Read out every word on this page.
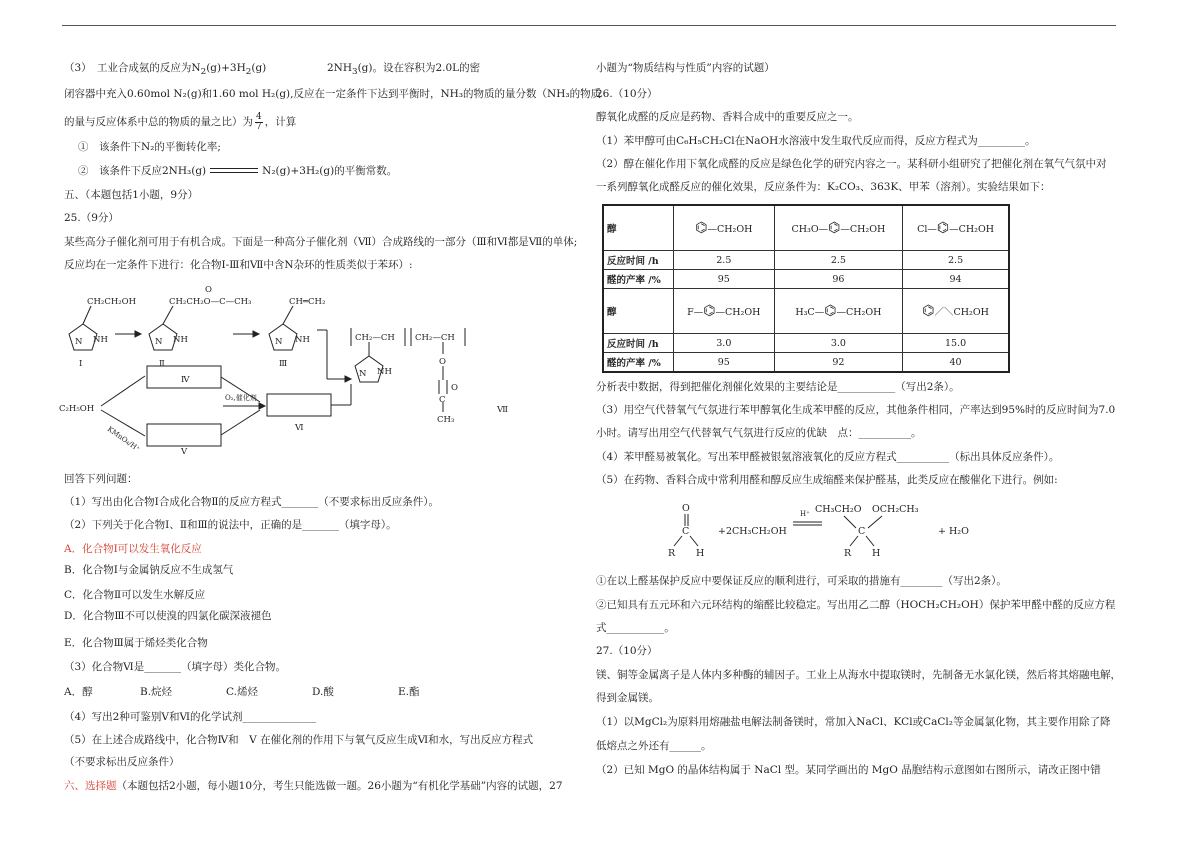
（3）　工业合成氨的反应为$N_2(g)+3H_2(g)$	$2NH_3(g)$。设在容积为2.0L的密
闭容器中充入0.60mol N₂(g)和1.60 mol H₂(g),反应在一定条件下达到平衡时，NH₃的物质的量分数（NH₃的物质
的量与反应体系中总的物质的量之比）为 $\frac{4}{7}$ ，计算
①　该条件下N₂的平衡转化率;
②　该条件下反应2NH₃(g)	N₂(g)+3H₂(g)的平衡常数。
五、（本题包括1小题，9分）
25.（9分）
某些高分子催化剂可用于有机合成。下面是一种高分子催化剂（Ⅶ）合成路线的一部分（Ⅲ和Ⅵ都是Ⅶ的单体;
反应均在一定条件下进行：化合物Ⅰ-Ⅲ和Ⅶ中含N杂环的性质类似于苯环）:
CH₂CH₂OH
N NH
Ⅰ
O
CH₂CH₂O—C—CH₃
N NH
Ⅱ
CH═CH₂
N NH
Ⅲ
CH₂—CH CH₂—CH
N NH
O
C
O
CH₃
Ⅶ
C₂H₅OH
KMnO₄/H⁺
O₂,催化剂
Ⅳ
Ⅴ
Ⅵ
回答下列问题：
（1）写出由化合物Ⅰ合成化合物Ⅱ的反应方程式_______（不要求标出反应条件）。
（2）下列关于化合物Ⅰ、Ⅱ和Ⅲ的说法中，正确的是_______（填字母）。
A．化合物Ⅰ可以发生氧化反应
B．化合物Ⅰ与金属钠反应不生成氢气
C．化合物Ⅱ可以发生水解反应
D．化合物Ⅲ不可以使溴的四氯化碳深液褪色
E．化合物Ⅲ属于烯烃类化合物
（3）化合物Ⅵ是_______（填字母）类化合物。
A．醇	B.烷烃	C.烯烃	D.酸	E.酯
（4）写出2种可鉴别Ⅴ和Ⅵ的化学试剂______________
（5）在上述合成路线中，化合物Ⅳ和　Ⅴ 在催化剂的作用下与氧气反应生成Ⅵ和水，写出反应方程式
（不要求标出反应条件）
六、选择题（本题包括2小题，每小题10分，考生只能选做一题。26小题为“有机化学基础”内容的试题，27
小题为“物质结构与性质”内容的试题）
26.（10分）
醇氧化成醛的反应是药物、香料合成中的重要反应之一。
（1）苯甲醇可由C₆H₅CH₂Cl在NaOH水溶液中发生取代反应而得，反应方程式为_________。
（2）醇在催化作用下氧化成醛的反应是绿色化学的研究内容之一。某科研小组研究了把催化剂在氧气气氛中对
一系列醇氧化成醛反应的催化效果，反应条件为：K₂CO₃、363K、甲苯（溶剂）。实验结果如下：
醇	⌬—CH₂OH	CH₃O—⌬—CH₂OH	Cl—⌬—CH₂OH
反应时间 /h	2.5	2.5	2.5
醛的产率 /%	95	96	94
醇	F—⌬—CH₂OH	H₃C—⌬—CH₂OH	⌬／＼CH₂OH
反应时间 /h	3.0	3.0	15.0
醛的产率 /%	95	92	40
分析表中数据，得到把催化剂催化效果的主要结论是___________（写出2条）。
（3）用空气代替氧气气氛进行苯甲醇氧化生成苯甲醛的反应，其他条件相同，产率达到95%时的反应时间为7.0
小时。请写出用空气代替氧气气氛进行反应的优缺　点：__________。
（4）苯甲醛易被氧化。写出苯甲醛被银氨溶液氧化的反应方程式__________（标出具体反应条件）。
（5）在药物、香料合成中常利用醛和醇反应生成缩醛来保护醛基，此类反应在酸催化下进行。例如:
O
C
R H
+2CH₃CH₂OH
H⁺ CH₃CH₂O OCH₂CH₃
C
R H
+ H₂O
①在以上醛基保护反应中要保证反应的顺利进行，可采取的措施有________（写出2条）。
②已知具有五元环和六元环结构的缩醛比较稳定。写出用乙二醇（HOCH₂CH₂OH）保护苯甲醛中醛的反应方程
式___________。
27.（10分）
镁、铜等金属离子是人体内多种酶的辅因子。工业上从海水中提取镁时，先制备无水氯化镁，然后将其熔融电解，
得到金属镁。
（1）以MgCl₂为原料用熔融盐电解法制备镁时，常加入NaCl、KCl或CaCl₂等金属氯化物，其主要作用除了降
低熔点之外还有______。
（2）已知 MgO 的晶体结构属于 NaCl 型。某同学画出的 MgO 晶胞结构示意图如右图所示，请改正图中错
